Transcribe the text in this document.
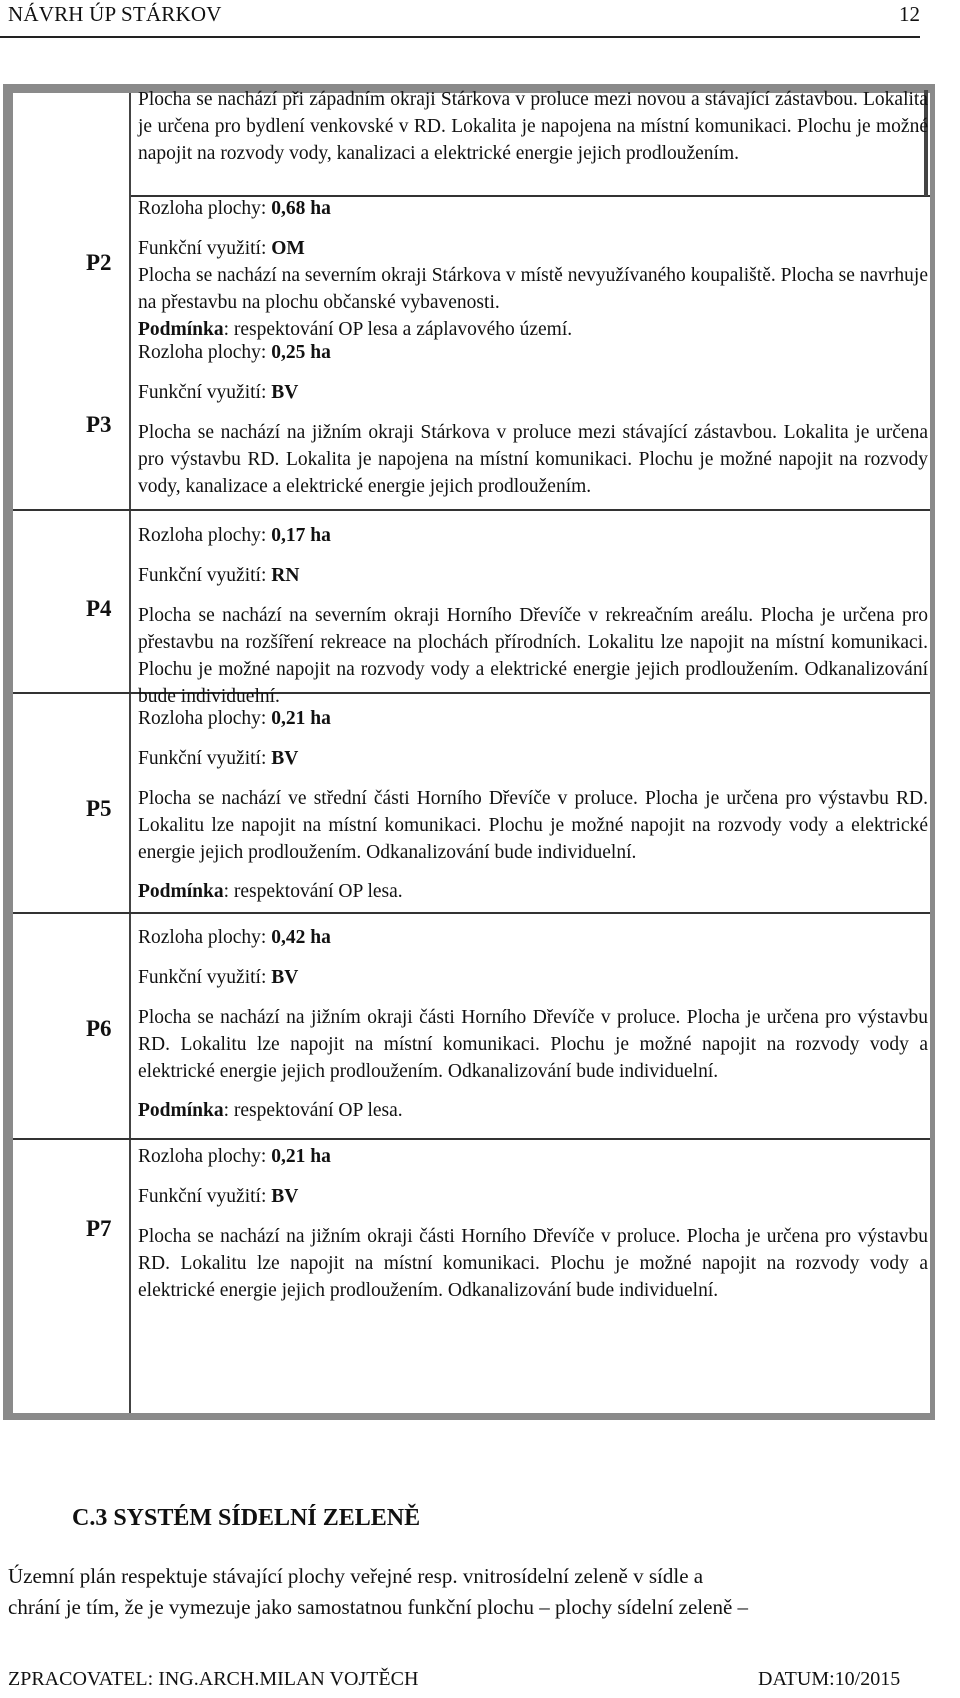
NÁVRH ÚP STÁRKOV	12

Plocha se nachází při západním okraji Stárkova v proluce mezi novou a stávající zástavbou. Lokalita je určena pro bydlení venkovské v RD. Lokalita je napojena na místní komunikaci. Plochu je možné napojit na rozvody vody, kanalizaci a elektrické energie jejich prodloužením.

P2

Rozloha plochy: 0,68 ha

Funkční využití: OM

Plocha se nachází na severním okraji Stárkova v místě nevyužívaného koupaliště. Plocha se navrhuje na přestavbu na plochu občanské vybavenosti.

Podmínka: respektování OP lesa a záplavového území.

P3

Rozloha plochy: 0,25 ha

Funkční využití: BV

Plocha se nachází na jižním okraji Stárkova v proluce mezi stávající zástavbou. Lokalita je určena pro výstavbu RD. Lokalita je napojena na místní komunikaci. Plochu je možné napojit na rozvody vody, kanalizace a elektrické energie jejich prodloužením.

P4

Rozloha plochy: 0,17 ha

Funkční využití: RN

Plocha se nachází na severním okraji Horního Dřevíče v rekreačním areálu. Plocha je určena pro přestavbu na rozšíření rekreace na plochách přírodních. Lokalitu lze napojit na místní komunikaci. Plochu je možné napojit na rozvody vody a elektrické energie jejich prodloužením. Odkanalizování bude individuelní.

P5

Rozloha plochy: 0,21 ha

Funkční využití: BV

Plocha se nachází ve střední části Horního Dřevíče v proluce. Plocha je určena pro výstavbu RD. Lokalitu lze napojit na místní komunikaci. Plochu je možné napojit na rozvody vody a elektrické energie jejich prodloužením. Odkanalizování bude individuelní.

Podmínka: respektování OP lesa.

P6

Rozloha plochy: 0,42 ha

Funkční využití: BV

Plocha se nachází na jižním okraji části Horního Dřevíče v proluce. Plocha je určena pro výstavbu RD. Lokalitu lze napojit na místní komunikaci. Plochu je možné napojit na rozvody vody a elektrické energie jejich prodloužením. Odkanalizování bude individuelní.

Podmínka: respektování OP lesa.

P7

Rozloha plochy: 0,21 ha

Funkční využití: BV

Plocha se nachází na jižním okraji části Horního Dřevíče v proluce. Plocha je určena pro výstavbu RD. Lokalitu lze napojit na místní komunikaci. Plochu je možné napojit na rozvody vody a elektrické energie jejich prodloužením. Odkanalizování bude individuelní.

C.3 SYSTÉM SÍDELNÍ ZELENĚ
Územní plán respektuje stávající plochy veřejné resp. vnitrosídelní zeleně v sídle a
chrání je tím, že je vymezuje jako samostatnou funkční plochu – plochy sídelní zeleně –
ZPRACOVATEL: ING.ARCH.MILAN VOJTĚCH	DATUM:10/2015
